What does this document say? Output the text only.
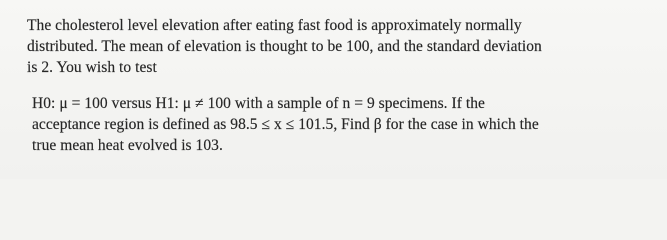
The cholesterol level elevation after eating fast food is approximately normally
distributed. The mean of elevation is thought to be 100, and the standard deviation
is 2. You wish to test
H0: μ = 100 versus H1: μ ≠ 100 with a sample of n = 9 specimens. If the
acceptance region is defined as 98.5 ≤ x ≤ 101.5, Find β for the case in which the
true mean heat evolved is 103.
